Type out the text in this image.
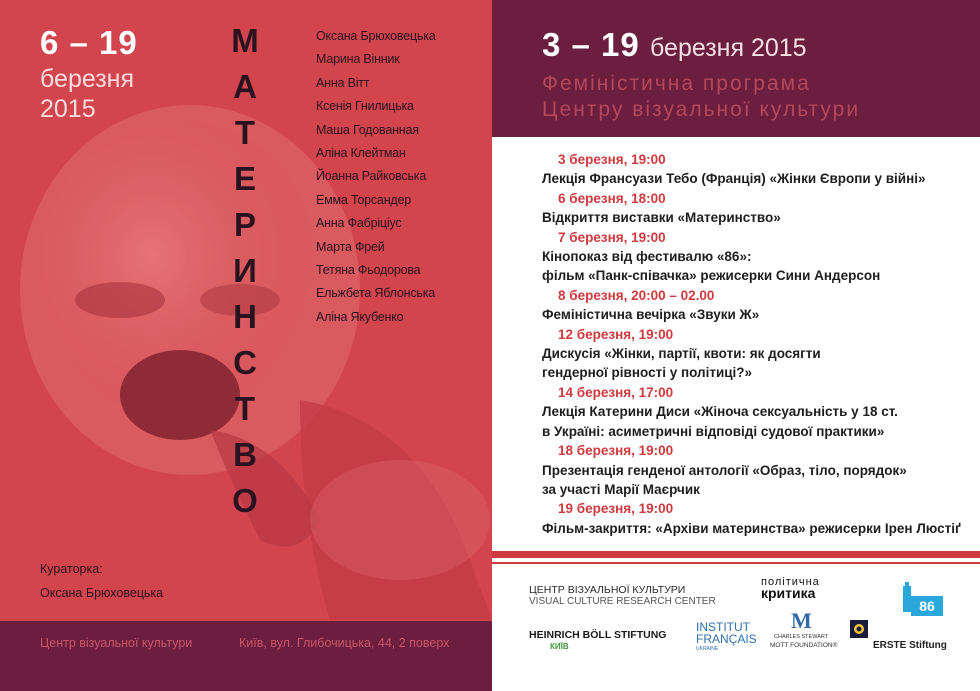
6 – 19
березня
2015
М
А
Т
Е
Р
И
Н
С
Т
В
О
Оксана Брюховецька
Марина Вінник
Анна Вітт
Ксенія Гнилицька
Маша Годованная
Аліна Клейтман
Йоанна Райковська
Емма Торсандер
Анна Фабріціус
Марта Фрей
Тетяна Фьодорова
Ельжбета Яблонська
Аліна Якубенко
Кураторка:
Оксана Брюховецька
Центр візуальної культури	Київ, вул. Глибочицька, 44, 2 поверх
3 – 19 березня 2015
Феміністична програма
Центру візуальної культури
3 березня, 19:00
Лекція Франсуази Тебо (Франція) «Жінки Європи у війні»
6 березня, 18:00
Відкриття виставки «Материнство»
7 березня, 19:00
Кінопоказ від фестивалю «86»:
фільм «Панк-співачка» режисерки Сини Андерсон
8 березня, 20:00 – 02.00
Феміністична вечірка «Звуки Ж»
12 березня, 19:00
Дискусія «Жінки, партії, квоти: як досягти
гендерної рівності у політиці?»
14 березня, 17:00
Лекція Катерини Диси «Жіноча сексуальність у 18 ст.
в Україні: асиметричні відповіді судової практики»
18 березня, 19:00
Презентація генденої антології «Образ, тіло, порядок»
за участі Марії Маєрчик
19 березня, 19:00
Фільм-закриття: «Архіви материнства» режисерки Ірен Люстіґ
ЦЕНТР ВІЗУАЛЬНОЇ КУЛЬТУРИ
VISUAL CULTURE RESEARCH CENTER
політична
критика
86
HEINRICH BÖLL STIFTUNG
КИЇВ
INSTITUT
FRANÇAIS
UKRAINE
M
CHARLES STEWART
MOTT FOUNDATION®	ERSTE Stiftung
